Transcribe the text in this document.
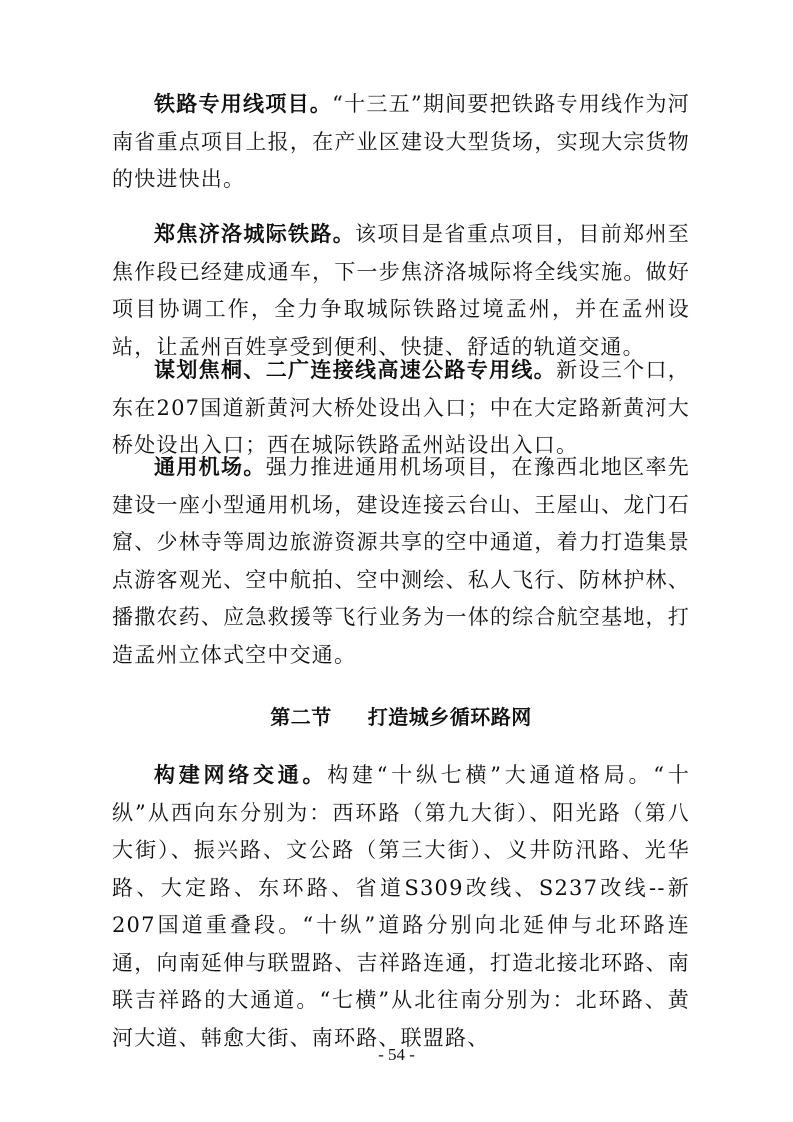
铁路专用线项目。“十三五”期间要把铁路专用线作为河南省重点项目上报，在产业区建设大型货场，实现大宗货物的快进快出。

郑焦济洛城际铁路。该项目是省重点项目，目前郑州至焦作段已经建成通车，下一步焦济洛城际将全线实施。做好项目协调工作，全力争取城际铁路过境孟州，并在孟州设站，让孟州百姓享受到便利、快捷、舒适的轨道交通。

谋划焦桐、二广连接线高速公路专用线。新设三个口，东在207国道新黄河大桥处设出入口；中在大定路新黄河大桥处设出入口；西在城际铁路孟州站设出入口。

通用机场。强力推进通用机场项目，在豫西北地区率先建设一座小型通用机场，建设连接云台山、王屋山、龙门石窟、少林寺等周边旅游资源共享的空中通道，着力打造集景点游客观光、空中航拍、空中测绘、私人飞行、防林护林、播撒农药、应急救援等飞行业务为一体的综合航空基地，打造孟州立体式空中交通。

第二节 打造城乡循环路网

构建网络交通。构建“十纵七横”大通道格局。“十纵”从西向东分别为：西环路（第九大街）、阳光路（第八大街）、振兴路、文公路（第三大街）、义井防汛路、光华路、大定路、东环路、省道S309改线、S237改线--新207国道重叠段。“十纵”道路分别向北延伸与北环路连通，向南延伸与联盟路、吉祥路连通，打造北接北环路、南联吉祥路的大通道。“七横”从北往南分别为：北环路、黄河大道、韩愈大街、南环路、联盟路、

- 54 -
